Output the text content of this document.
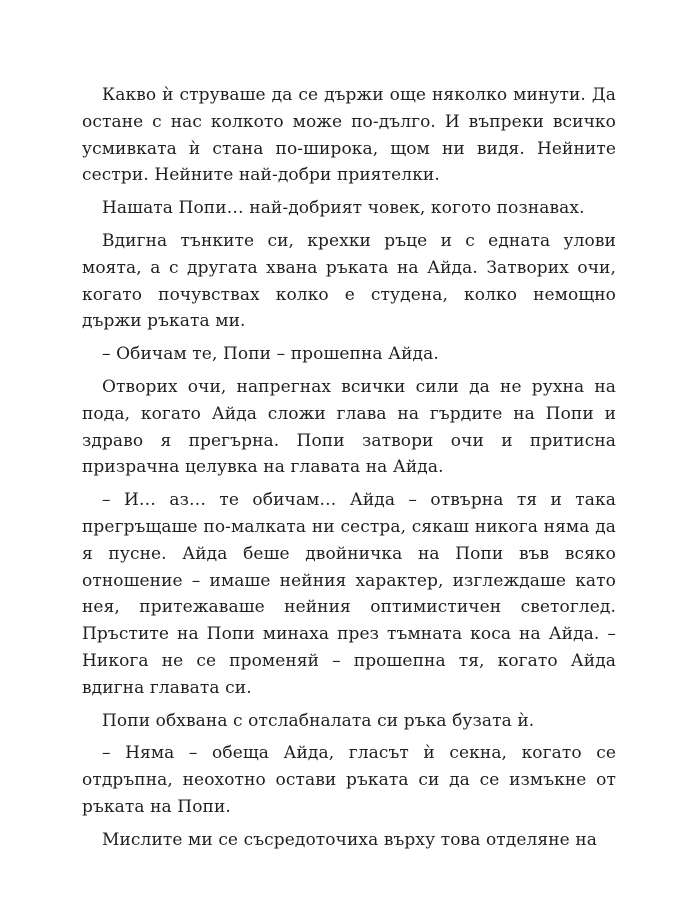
Какво ѝ струваше да се държи още няколко минути. Да остане с нас колкото може по-дълго. И въпреки всичко усмивката ѝ стана по-широка, щом ни видя. Нейните сестри. Нейните най-добри приятелки.

Нашата Попи… най-добрият човек, когото познавах.

Вдигна тънките си, крехки ръце и с едната улови моята, а с другата хвана ръката на Айда. Затворих очи, когато почувствах колко е студена, колко немощно държи ръката ми.

– Обичам те, Попи – прошепна Айда.

Отворих очи, напрегнах всички сили да не рухна на пода, когато Айда сложи глава на гърдите на Попи и здраво я прегърна. Попи затвори очи и притисна призрачна целувка на главата на Айда.

– И… аз… те обичам… Айда – отвърна тя и така прегръщаше по-малката ни сестра, сякаш никога няма да я пусне. Айда беше двойничка на Попи във всяко отношение – имаше нейния характер, изглеждаше като нея, притежаваше нейния оптимистичен светоглед. Пръстите на Попи минаха през тъмната коса на Айда. – Никога не се променяй – прошепна тя, когато Айда вдигна главата си.

Попи обхвана с отслабналата си ръка бузата ѝ.

– Няма – обеща Айда, гласът ѝ секна, когато се отдръпна, неохотно остави ръката си да се измъкне от ръката на Попи.

Мислите ми се съсредоточиха върху това отделяне на
